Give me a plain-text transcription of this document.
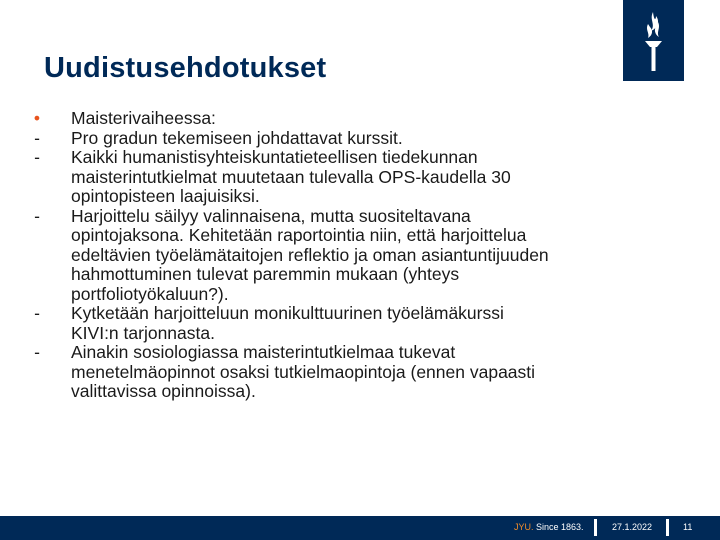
Uudistusehdotukset
• Maisterivaiheessa:
- Pro gradun tekemiseen johdattavat kurssit.
- Kaikki humanistisyhteiskuntatieteellisen tiedekunnan
maisterintutkielmat muutetaan tulevalla OPS-kaudella 30
opintopisteen laajuisiksi.
- Harjoittelu säilyy valinnaisena, mutta suositeltavana
opintojaksona. Kehitetään raportointia niin, että harjoittelua
edeltävien työelämätaitojen reflektio ja oman asiantuntijuuden
hahmottuminen tulevat paremmin mukaan (yhteys
portfoliotyökaluun?).
- Kytketään harjoitteluun monikulttuurinen työelämäkurssi
KIVI:n tarjonnasta.
- Ainakin sosiologiassa maisterintutkielmaa tukevat
menetelmäopinnot osaksi tutkielmaopintoja (ennen vapaasti
valittavissa opinnoissa).
JYU. Since 1863.	27.1.2022	11
